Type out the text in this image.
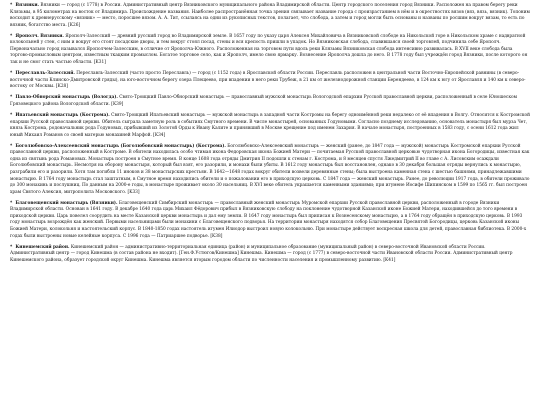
* Вязники. Вязники — город (с 1778) в России. Административный центр Вязниковского муниципального района Владимирской области. Центр городского поселения город Вязники. Расположен на правом берегу реки Клязьмы, в 95 километрах на восток от Владимира. Происхождение названия. Наиболее распространённая точка зрения связывает название города с произрастанием в нём и в окрестностях вязов (вяз, вязь, вязник). Топоним восходит к древнерусскому «вязник» — место, поросшее вязом. А. А. Тит, ссылаясь на одни из рукописных текстов, полагает, что слобода, а затем и город могли быть основаны и названы по росшим вокруг вязам, то есть по вязник, богатство места. [K26]

* Ярополч. Вязники. Ярополч-Залесский — древний русский город во Владимирской земле. В 1657 году по указу царя Алексея Михайловича в Вязниковской слободе на Никольской горе в Никольском храме с надвратной колокольней у стен, с ним и вокруг его стоят посадские дворы, и тем вокруг стоял посад, стены и вся крепость пришли в упадок. Но Вязниковская слобода, славившаяся своей торговлей, подчинила себе Ярополч. Первоначально город назывался Ярополчем-Залесским, в отличие от Ярополча-Южного. Расположенная на торговом пути вдоль реки Клязьмы Вязниковская слобода интенсивно развивалась. В XVII веке слобода была торгово-промысловым центром, известным ткацким промыслом. Богатое торговое село, как и Ярополч, имело свою ярмарку. Вознесение Ярополча дошла до него. В 1778 году был учреждён город Вязники, после которого он так и не смог стать частью области. [K31]

* Переславль-Залесский. Переславль-Залесский (часто просто Переславль) — город (с 1152 года) в Ярославской области России. Переславль расположен в центральной части Восточно-Европейской равнины (в северо-восточной части Клинско-Дмитровской гряды), на юго-восточном берегу озера Плещеево, при впадении в него реки Трубеж, в 21 км от железнодорожной станции Берендеево, в 124 км к югу от Ярославля и 140 км к северо-востоку от Москвы. [K28]

* Павло-Обнорский монастырь (Вологда). Свято-Троицкий Павло-Обнорский монастырь — православный мужской монастырь Вологодской епархии Русской православной церкви, расположенный в селе Юношеском Грязовецкого района Вологодской области. [K39]

* Ипатьевский монастырь (Кострома). Свято-Троицкий Ипатьевский монастырь — мужской монастырь в западной части Костромы на берегу одноимённой реки недалеко от её впадения в Волгу. Относится к Костромской епархии Русской православной церкви. Обитель сыграла заметную роль в событиях Смутного времени. В числе монастырей, основанных Годуновыми. Согласно позднему исследованию, основатель монастыря был мурза Чет, князь Кострома, родоначальник рода Годуновых, прибывший из Золотой Орды к Ивану Калите и принявший в Москве крещение под именем Захария. В начале монастыря, построенных в 1583 году, с осени 1612 года жил юный Михаил Романов со своей матерью монахиней Марфой. [K34]

* Боголюбовско-Алексеевский монастырь (Боголюбовский монастырь) (Кострома). Боголюбовско-Алексеевский монастырь — женский (ранее, до 1847 года — мужской) монастырь Костромской епархии Русской православной церкви, расположенный в Костроме. В обители находилась особо чтимая икона Федоровская икона Божией Матери — почитаемая Русской православной церковью чудотворная икона Богородицы, известная как одна из святынь рода Романовых. Монастырь построен в Смутное время. В конце 1608 года отряды Дмитрия II подошли к стенам г. Кострома, и 8 месяцев спустя Лжедмитрий II во главе с А. Лисовским осаждали Боголюбовский монастырь. Несмотря на оборону монастыря, который был взят, его разорили, и монахи были убиты. В 1612 году монастырь был восстановлен, однако в 30 декабря большая отряды вернулись к монастырю, разграбили его и разорили. Хотя там погибли 11 иноков и 38 монастырских крестьян. В 1642—1648 годах вокруг обители возвели деревянные стены; была выстроена каменная стена с шестью башнями, принадлежавшими монастырю. В 1764 году монастырь стал заштатным, в Смутное время находились обители и о пожаловании его в приходскую церковь. С 1847 года — женский монастырь. Ранее, до революции 1917 года, в обители проживало до 300 монахинь и послушниц. По данным на 2000-е годы, в монастыре проживает около 30 насельниц. В XVI веке обитель украшается каменными зданиями; при игумене Иосифе Шипинском в 1599 по 1565 гг. был построен храм Святого Алексия, митрополита Московского. [K33]

* Благовещенский монастырь (Вязники). Благовещенский Симбирский монастырь — православный женский монастырь Муромской епархии Русской православной церкви, расположенный в городе Вязники Владимирской области. Основан в 1641 году. В декабре 1640 года царь Михаил Фёдорович прибыл в Вязниковскую слободу на поклонение чудотворной Казанской иконе Божией Матери, находившейся до того времени в приходской церкви. Царь повелел соорудить на месте Казанской церкви монастырь и дал ему земли. В 1647 году монастырь был приписан к Вознесенскому монастырю, а в 1764 году обращён в приходскую церковь. В 1993 году монастырь возрождён как женский. Первыми насельницами были монахини с Благовещенского подворья. На территории монастыря находятся собор Благовещения Пресвятой Богородицы, церковь Казанской иконы Божией Матери, колокольня и настоятельский корпус. В 1840-1850 годах настоятель игумен Илиодор выстроил новую колокольню. При монастыре действует воскресная школа для детей, православная библиотека. В 2000-х годах были выстроены новые келейные корпуса. С 1996 года — Патриаршее подворье. [K38]

* Кинешемский район. Кинешемский район — административно-территориальная единица (район) и муниципальное образование (муниципальный район) в северо-восточной Ивановской области России. Административный центр — город Кинешма (в состав района не входит). [Ген.Ф.Устюгов/Кинешма] Кинешма. Кинешма — город (с 1777) в северо-восточной части Ивановской области России. Административный центр Кинешемского района, образует городской округ Кинешма. Кинешма является вторым городом области по численности населения и промышленному развитию. [K41]
